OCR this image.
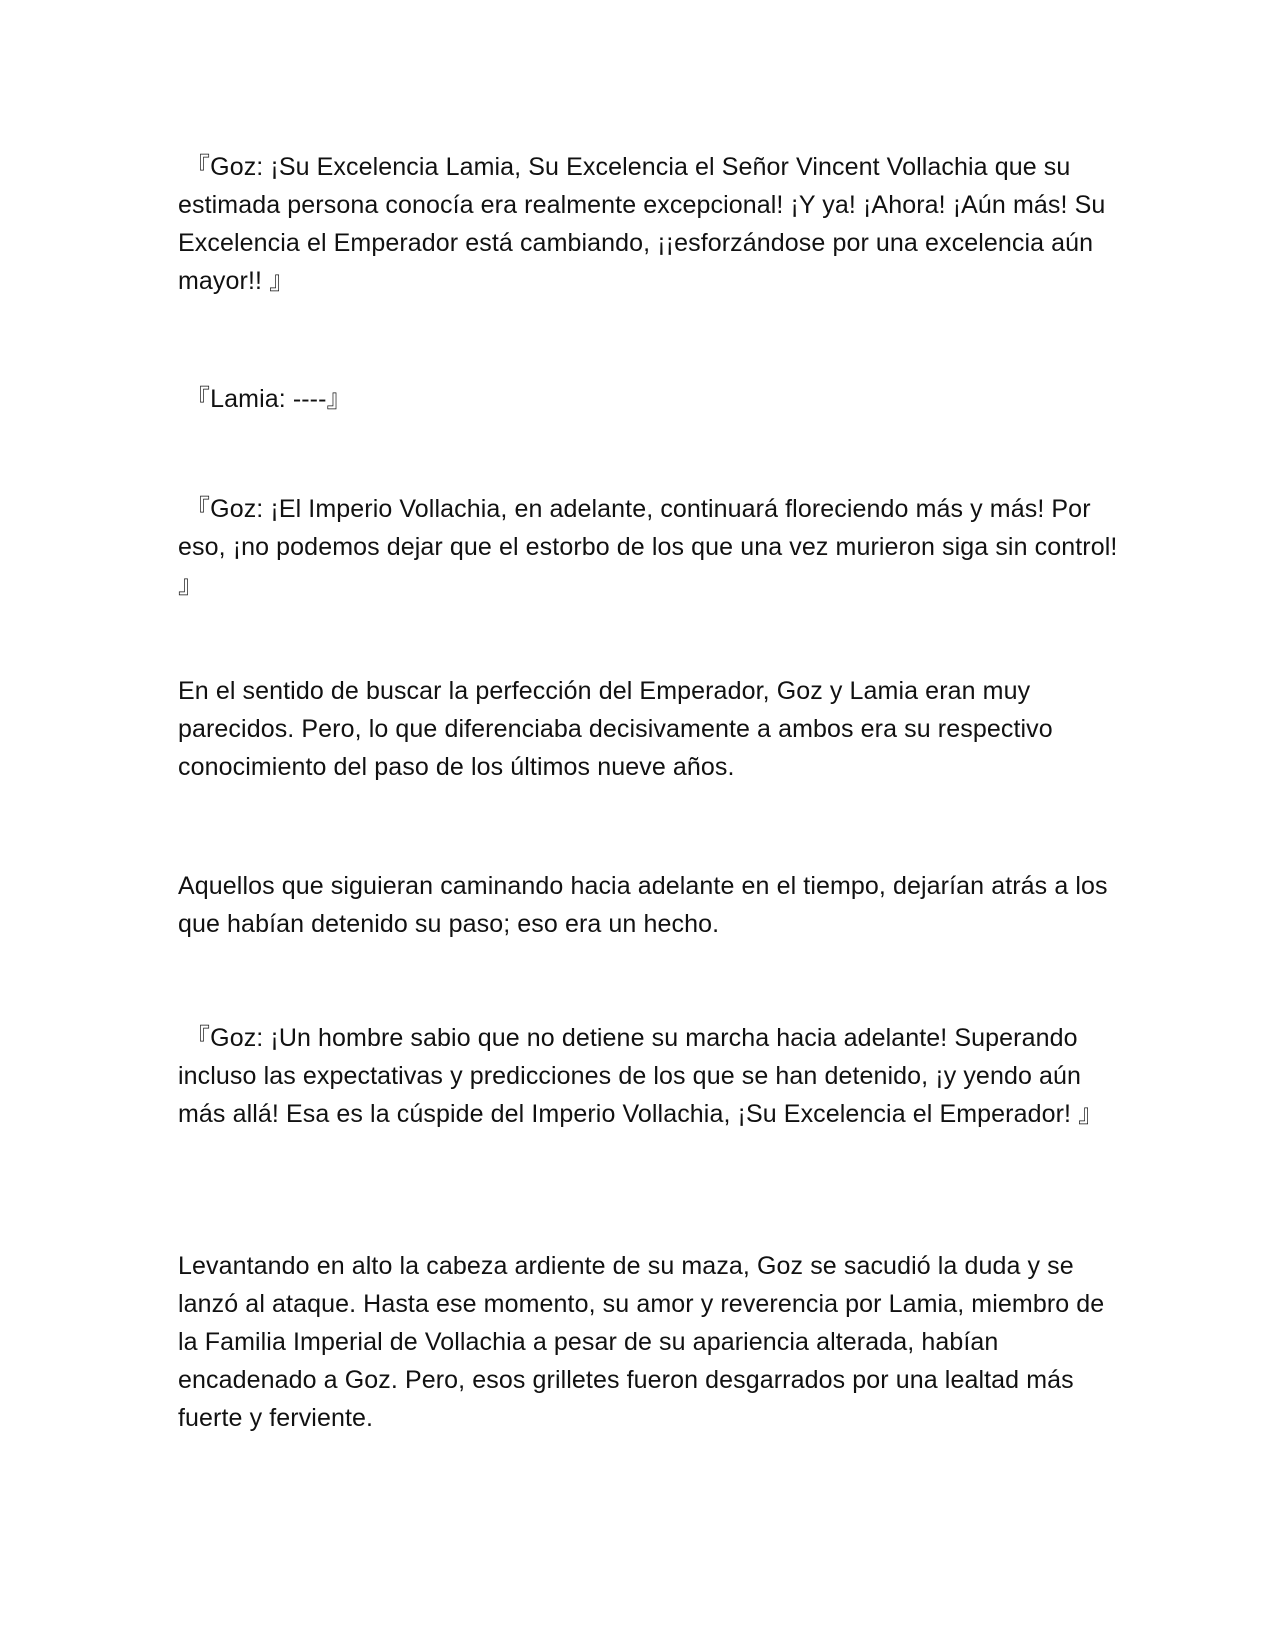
『Goz: ¡Su Excelencia Lamia, Su Excelencia el Señor Vincent Vollachia que su estimada persona conocía era realmente excepcional! ¡Y ya! ¡Ahora! ¡Aún más! Su Excelencia el Emperador está cambiando, ¡¡esforzándose por una excelencia aún mayor!! 』

『Lamia: ----』

『Goz: ¡El Imperio Vollachia, en adelante, continuará floreciendo más y más! Por eso, ¡no podemos dejar que el estorbo de los que una vez murieron siga sin control! 』

En el sentido de buscar la perfección del Emperador, Goz y Lamia eran muy parecidos. Pero, lo que diferenciaba decisivamente a ambos era su respectivo conocimiento del paso de los últimos nueve años.

Aquellos que siguieran caminando hacia adelante en el tiempo, dejarían atrás a los que habían detenido su paso; eso era un hecho.

『Goz: ¡Un hombre sabio que no detiene su marcha hacia adelante! Superando incluso las expectativas y predicciones de los que se han detenido, ¡y yendo aún más allá! Esa es la cúspide del Imperio Vollachia, ¡Su Excelencia el Emperador! 』

Levantando en alto la cabeza ardiente de su maza, Goz se sacudió la duda y se lanzó al ataque. Hasta ese momento, su amor y reverencia por Lamia, miembro de la Familia Imperial de Vollachia a pesar de su apariencia alterada, habían encadenado a Goz. Pero, esos grilletes fueron desgarrados por una lealtad más fuerte y ferviente.
